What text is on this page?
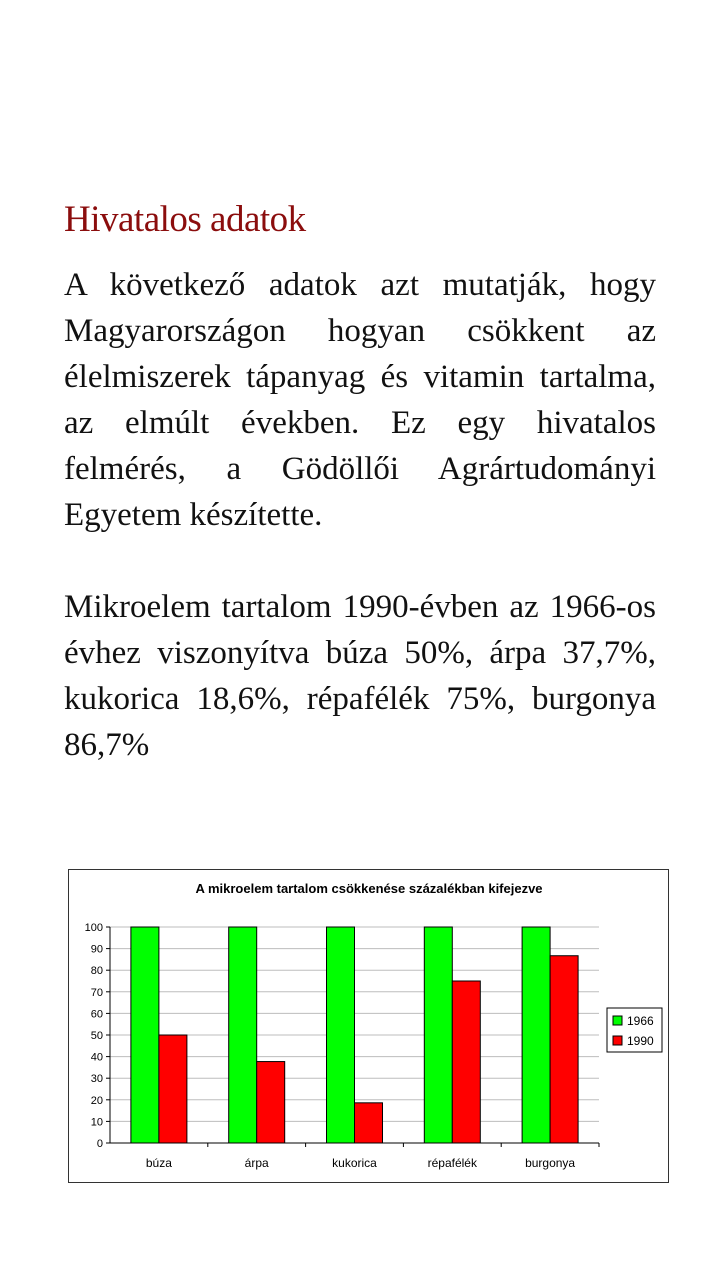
Hivatalos adatok

A következő adatok azt mutatják, hogy Magyarországon hogyan csökkent az élelmiszerek tápanyag és vitamin tartalma, az elmúlt években. Ez egy hivatalos felmérés, a Gödöllői Agrártudományi Egyetem készítette.

Mikroelem tartalom 1990-évben az 1966-os évhez viszonyítva búza 50%, árpa 37,7%, kukorica 18,6%, répafélék 75%, burgonya 86,7%

A mikroelem tartalom csökkenése százalékban kifejezve
0
10
20
30
40
50
60
70
80
90
100
búza	árpa	kukorica	répafélék	burgonya
1966
1990
